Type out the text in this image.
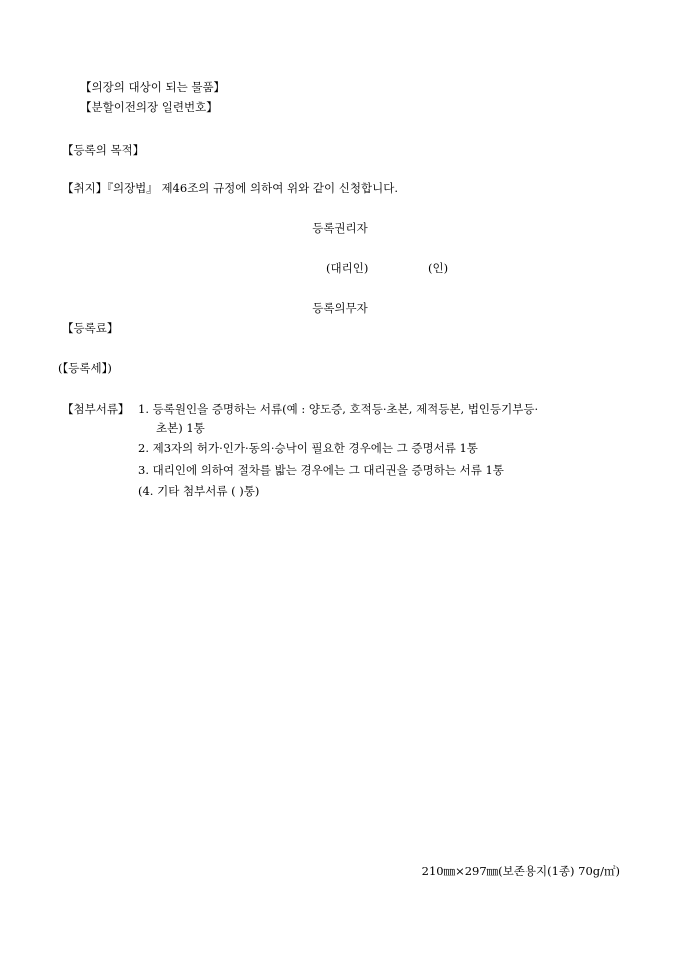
【의장의 대상이 되는 물품】
【분할이전의장 일련번호】
【등록의 목적】
【취지】『의장법』 제46조의 규정에 의하여 위와 같이 신청합니다.
등록권리자
(대리인)	(인)
등록의무자
【등록료】
(【등록세】)
【첨부서류】 1. 등록원인을 증명하는 서류(예 : 양도증, 호적등·초본, 제적등본, 법인등기부등·
초본) 1통
2. 제3자의 허가·인가·동의·승낙이 필요한 경우에는 그 증명서류 1통
3. 대리인에 의하여 절차를 밟는 경우에는 그 대리권을 증명하는 서류 1통
(4. 기타 첨부서류 ( )통)
210㎜×297㎜(보존용지(1종) 70g/㎡)
